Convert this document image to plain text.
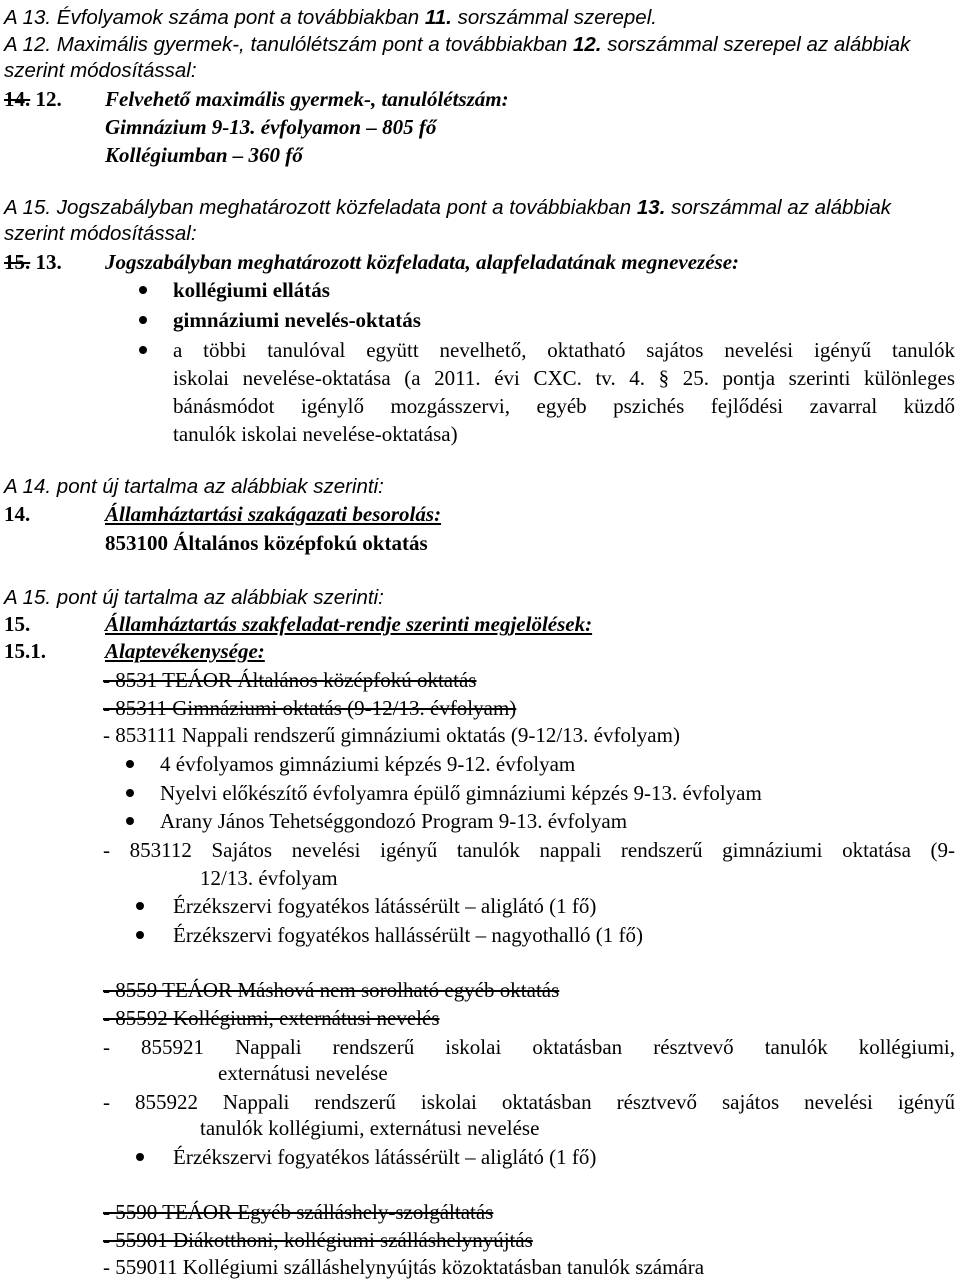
A 13. Évfolyamok száma pont a továbbiakban 11. sorszámmal szerepel.
A 12. Maximális gyermek-, tanulólétszám pont a továbbiakban 12. sorszámmal szerepel az alábbiak
szerint módosítással:
14. 12. Felvehető maximális gyermek-, tanulólétszám:
Gimnázium 9-13. évfolyamon – 805 fő
Kollégiumban – 360 fő
A 15. Jogszabályban meghatározott közfeladata pont a továbbiakban 13. sorszámmal az alábbiak
szerint módosítással:
15. 13. Jogszabályban meghatározott közfeladata, alapfeladatának megnevezése:
kollégiumi ellátás
gimnáziumi nevelés-oktatás
a többi tanulóval együtt nevelhető, oktatható sajátos nevelési igényű tanulók
iskolai nevelése-oktatása (a 2011. évi CXC. tv. 4. § 25. pontja szerinti különleges
bánásmódot igénylő mozgásszervi, egyéb pszichés fejlődési zavarral küzdő
tanulók iskolai nevelése-oktatása)
A 14. pont új tartalma az alábbiak szerinti:
14.	Államháztartási szakágazati besorolás:
853100 Általános középfokú oktatás
A 15. pont új tartalma az alábbiak szerinti:
15.	Államháztartás szakfeladat-rendje szerinti megjelölések:
15.1.	Alaptevékenysége:
- 8531 TEÁOR Általános középfokú oktatás
- 85311 Gimnáziumi oktatás (9-12/13. évfolyam)
- 853111 Nappali rendszerű gimnáziumi oktatás (9-12/13. évfolyam)
4 évfolyamos gimnáziumi képzés 9-12. évfolyam
Nyelvi előkészítő évfolyamra épülő gimnáziumi képzés 9-13. évfolyam
Arany János Tehetséggondozó Program 9-13. évfolyam
- 853112 Sajátos nevelési igényű tanulók nappali rendszerű gimnáziumi oktatása (9-
12/13. évfolyam
Érzékszervi fogyatékos látássérült – aliglátó (1 fő)
Érzékszervi fogyatékos hallássérült – nagyothalló (1 fő)
- 8559 TEÁOR Máshová nem sorolható egyéb oktatás
- 85592 Kollégiumi, externátusi nevelés
- 855921 Nappali rendszerű iskolai oktatásban résztvevő tanulók kollégiumi,
externátusi nevelése
- 855922 Nappali rendszerű iskolai oktatásban résztvevő sajátos nevelési igényű
tanulók kollégiumi, externátusi nevelése
Érzékszervi fogyatékos látássérült – aliglátó (1 fő)
- 5590 TEÁOR Egyéb szálláshely-szolgáltatás
- 55901 Diákotthoni, kollégiumi szálláshelynyújtás
- 559011 Kollégiumi szálláshelynyújtás közoktatásban tanulók számára
